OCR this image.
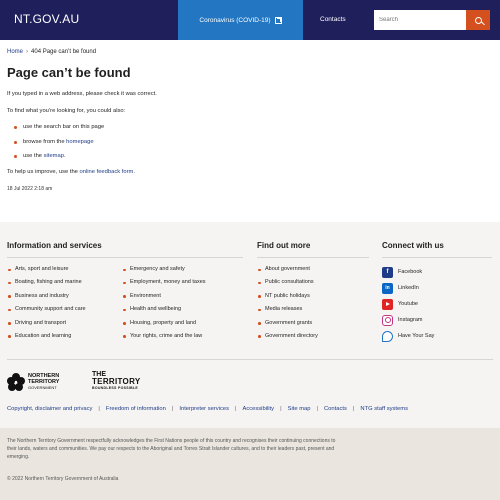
NT.GOV.AU	Coronavirus (COVID-19)	Contacts
Search
Home › 404 Page can’t be found
Page can’t be found

If you typed in a web address, please check it was correct.

To find what you’re looking for, you could also:

use the search bar on this page
browse from the homepage
use the sitemap.

To help us improve, use the online feedback form.

18 Jul 2022 2:18 am

Information and services
Arts, sport and leisure
Boating, fishing and marine
Business and industry
Community support and care
Driving and transport
Education and learning
Emergency and safety
Employment, money and taxes
Environment
Health and wellbeing
Housing, property and land
Your rights, crime and the law
Find out more
About government
Public consultations
NT public holidays
Media releases
Government grants
Government directory
Connect with us
f	Facebook
in	LinkedIn
Youtube
Instagram
Have Your Say
NORTHERN
TERRITORY
GOVERNMENT
THE
TERRITORY
BOUNDLESS POSSIBLE
Copyright, disclaimer and privacy | Freedom of information | Interpreter services | Accessibility | Site map | Contacts | NTG staff systems

The Northern Territory Government respectfully acknowledges the First Nations people of this country and recognises their continuing connections to their lands, waters and communities. We pay our respects to the Aboriginal and Torres Strait Islander cultures, and to their leaders past, present and emerging.

© 2022 Northern Territory Government of Australia
